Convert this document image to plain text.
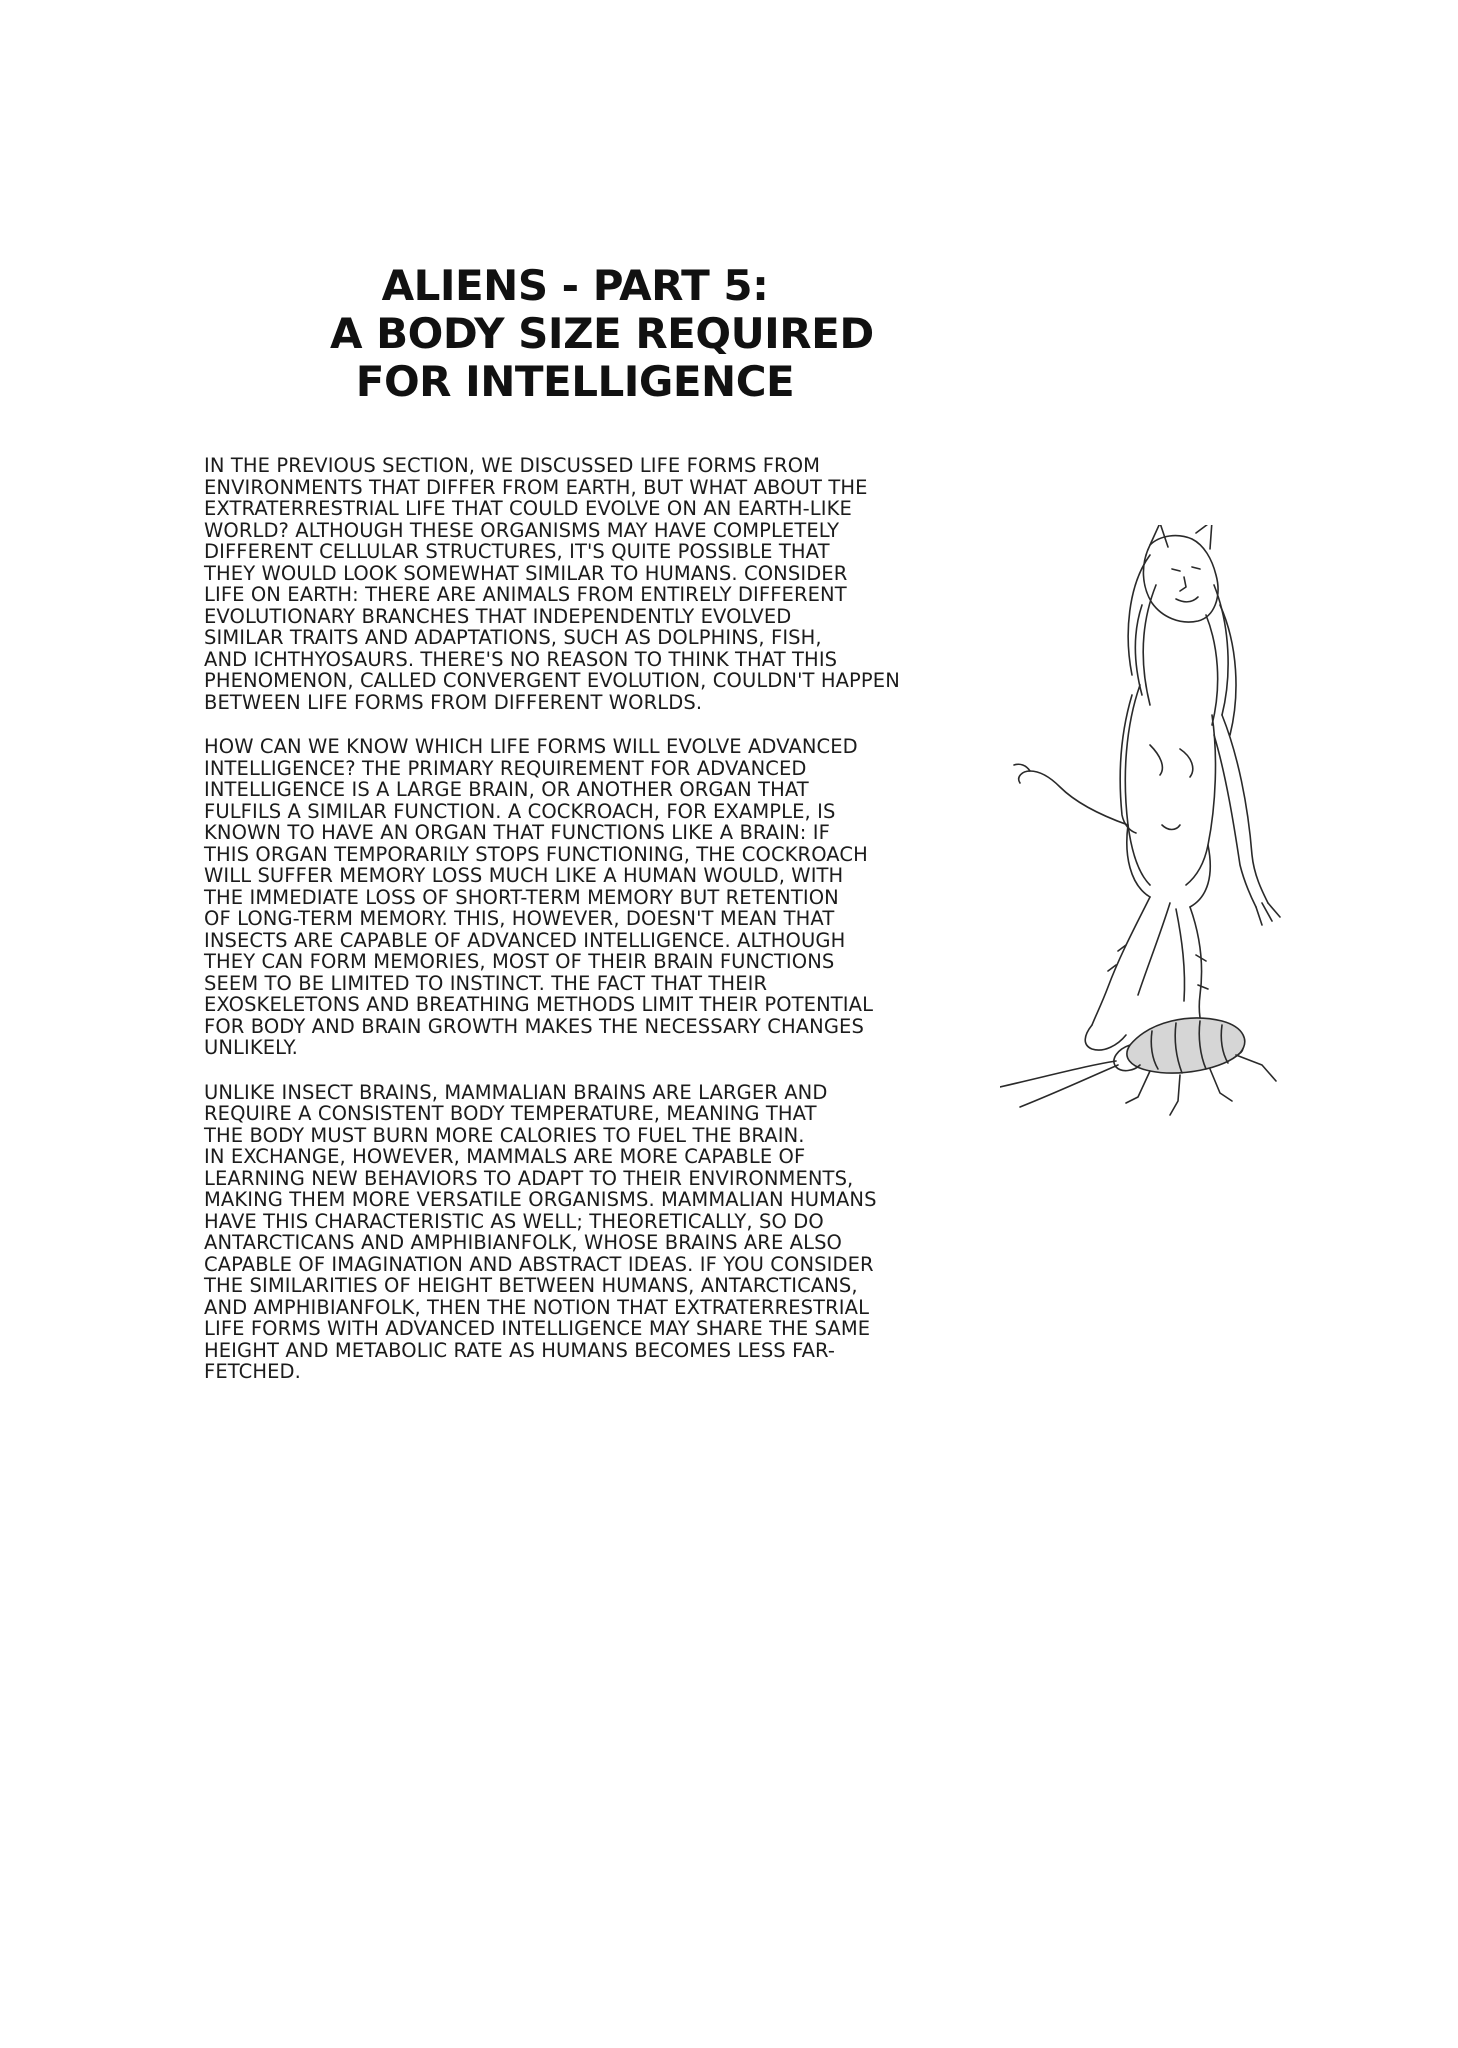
ALIENS - PART 5:
A BODY SIZE REQUIRED
FOR INTELLIGENCE

IN THE PREVIOUS SECTION, WE DISCUSSED LIFE FORMS FROM
ENVIRONMENTS THAT DIFFER FROM EARTH, BUT WHAT ABOUT THE
EXTRATERRESTRIAL LIFE THAT COULD EVOLVE ON AN EARTH-LIKE
WORLD? ALTHOUGH THESE ORGANISMS MAY HAVE COMPLETELY
DIFFERENT CELLULAR STRUCTURES, IT'S QUITE POSSIBLE THAT
THEY WOULD LOOK SOMEWHAT SIMILAR TO HUMANS. CONSIDER
LIFE ON EARTH: THERE ARE ANIMALS FROM ENTIRELY DIFFERENT
EVOLUTIONARY BRANCHES THAT INDEPENDENTLY EVOLVED
SIMILAR TRAITS AND ADAPTATIONS, SUCH AS DOLPHINS, FISH,
AND ICHTHYOSAURS. THERE'S NO REASON TO THINK THAT THIS
PHENOMENON, CALLED CONVERGENT EVOLUTION, COULDN'T HAPPEN
BETWEEN LIFE FORMS FROM DIFFERENT WORLDS.

HOW CAN WE KNOW WHICH LIFE FORMS WILL EVOLVE ADVANCED
INTELLIGENCE? THE PRIMARY REQUIREMENT FOR ADVANCED
INTELLIGENCE IS A LARGE BRAIN, OR ANOTHER ORGAN THAT
FULFILS A SIMILAR FUNCTION. A COCKROACH, FOR EXAMPLE, IS
KNOWN TO HAVE AN ORGAN THAT FUNCTIONS LIKE A BRAIN: IF
THIS ORGAN TEMPORARILY STOPS FUNCTIONING, THE COCKROACH
WILL SUFFER MEMORY LOSS MUCH LIKE A HUMAN WOULD, WITH
THE IMMEDIATE LOSS OF SHORT-TERM MEMORY BUT RETENTION
OF LONG-TERM MEMORY. THIS, HOWEVER, DOESN'T MEAN THAT
INSECTS ARE CAPABLE OF ADVANCED INTELLIGENCE. ALTHOUGH
THEY CAN FORM MEMORIES, MOST OF THEIR BRAIN FUNCTIONS
SEEM TO BE LIMITED TO INSTINCT. THE FACT THAT THEIR
EXOSKELETONS AND BREATHING METHODS LIMIT THEIR POTENTIAL
FOR BODY AND BRAIN GROWTH MAKES THE NECESSARY CHANGES
UNLIKELY.

UNLIKE INSECT BRAINS, MAMMALIAN BRAINS ARE LARGER AND
REQUIRE A CONSISTENT BODY TEMPERATURE, MEANING THAT
THE BODY MUST BURN MORE CALORIES TO FUEL THE BRAIN.
IN EXCHANGE, HOWEVER, MAMMALS ARE MORE CAPABLE OF
LEARNING NEW BEHAVIORS TO ADAPT TO THEIR ENVIRONMENTS,
MAKING THEM MORE VERSATILE ORGANISMS. MAMMALIAN HUMANS
HAVE THIS CHARACTERISTIC AS WELL; THEORETICALLY, SO DO
ANTARCTICANS AND AMPHIBIANFOLK, WHOSE BRAINS ARE ALSO
CAPABLE OF IMAGINATION AND ABSTRACT IDEAS. IF YOU CONSIDER
THE SIMILARITIES OF HEIGHT BETWEEN HUMANS, ANTARCTICANS,
AND AMPHIBIANFOLK, THEN THE NOTION THAT EXTRATERRESTRIAL
LIFE FORMS WITH ADVANCED INTELLIGENCE MAY SHARE THE SAME
HEIGHT AND METABOLIC RATE AS HUMANS BECOMES LESS FAR-
FETCHED.
